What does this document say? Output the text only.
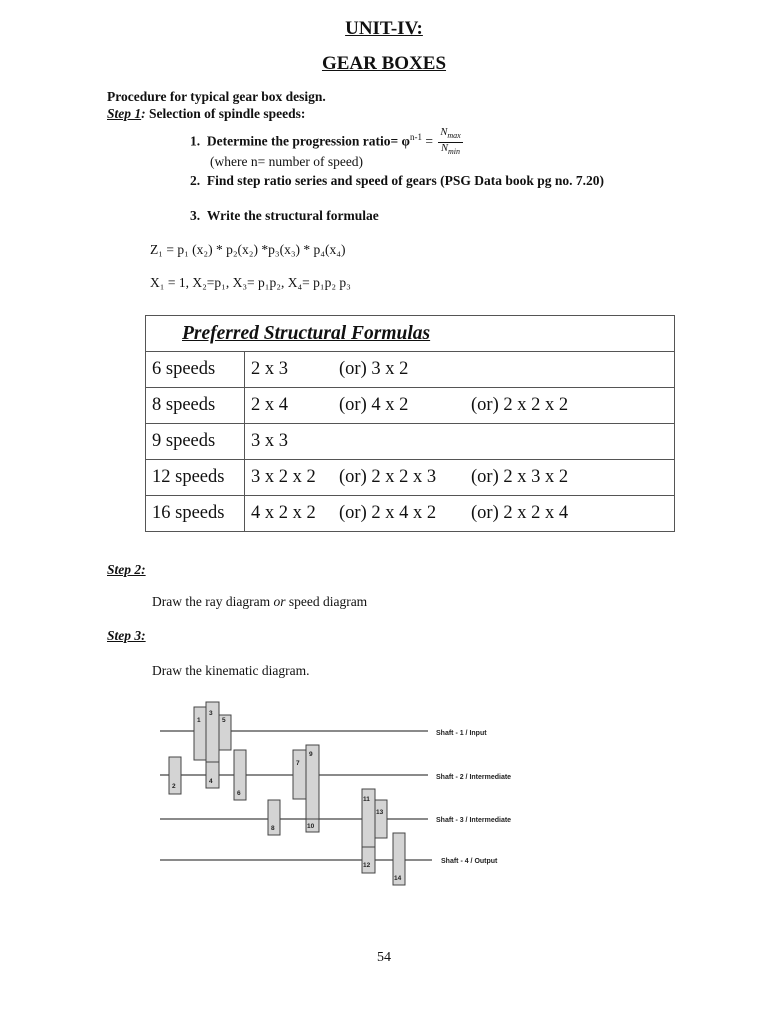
UNIT-IV:
GEAR BOXES
Procedure for typical gear box design.
Step 1: Selection of spindle speeds:
1.  Determine the progression ratio= $\varphi^{n-1} = \frac{N_{max}}{N_{min}}$
(where n= number of speed)
2.  Find step ratio series and speed of gears (PSG Data book pg no. 7.20)
3.  Write the structural formulae
Z₁ = p₁ (x₂) * p₂(x₂) *p₃(x₃) * p₄(x₄)
X₁ = 1, X₂=p₁, X₃= p₁p₂, X₄= p₁p₂ p₃
Preferred Structural Formulas	
6 speeds	2 x 3 (or) 3 x 2
8 speeds	2 x 4 (or) 4 x 2 (or) 2 x 2 x 2
9 speeds	3 x 3
12 speeds	3 x 2 x 2 (or) 2 x 2 x 3 (or) 2 x 3 x 2
16 speeds	4 x 2 x 2 (or) 2 x 4 x 2 (or) 2 x 2 x 4
Step 2:
Draw the ray diagram or speed diagram
Step 3:
Draw the kinematic diagram.
1
2
3
4
5
6
7
8
9
10
11
12
13
14
Shaft - 1 / Input
Shaft - 2 / Intermediate
Shaft - 3 / Intermediate
Shaft - 4 / Output
54
